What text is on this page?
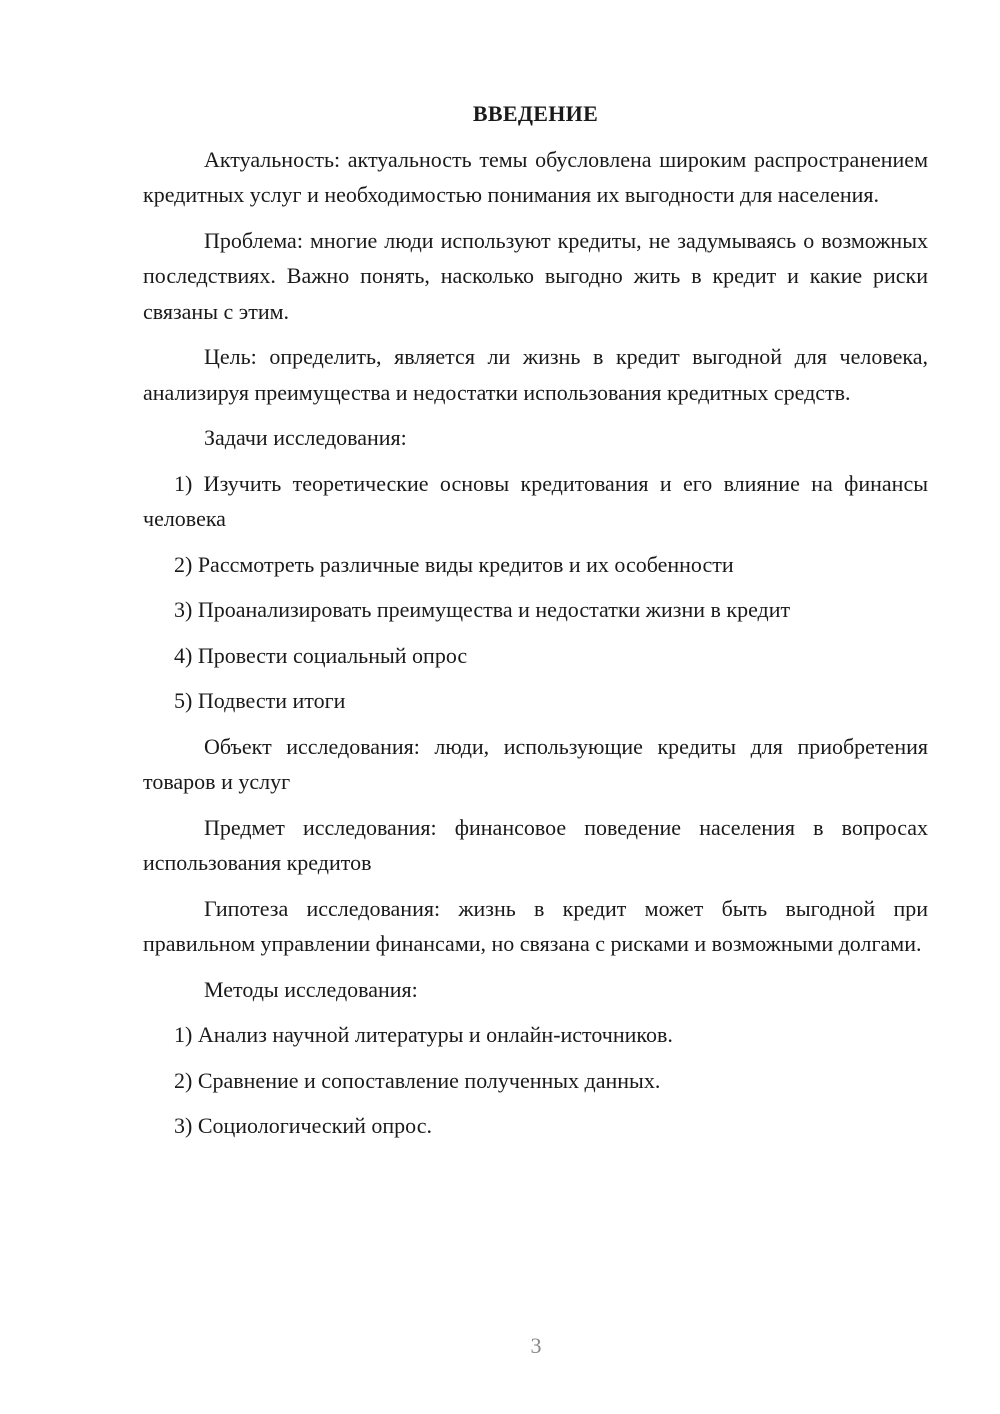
ВВЕДЕНИЕ

Актуальность: актуальность темы обусловлена широким распространением кредитных услуг и необходимостью понимания их выгодности для населения.

Проблема: многие люди используют кредиты, не задумываясь о возможных последствиях. Важно понять, насколько выгодно жить в кредит и какие риски связаны с этим.

Цель: определить, является ли жизнь в кредит выгодной для человека, анализируя преимущества и недостатки использования кредитных средств.

Задачи исследования:

1) Изучить теоретические основы кредитования и его влияние на финансы человека

2) Рассмотреть различные виды кредитов и их особенности

3) Проанализировать преимущества и недостатки жизни в кредит

4) Провести социальный опрос

5) Подвести итоги

Объект исследования: люди, использующие кредиты для приобретения товаров и услуг

Предмет исследования: финансовое поведение населения в вопросах использования кредитов

Гипотеза исследования: жизнь в кредит может быть выгодной при правильном управлении финансами, но связана с рисками и возможными долгами.

Методы исследования:

1) Анализ научной литературы и онлайн-источников.

2) Сравнение и сопоставление полученных данных.

3) Социологический опрос.

3
